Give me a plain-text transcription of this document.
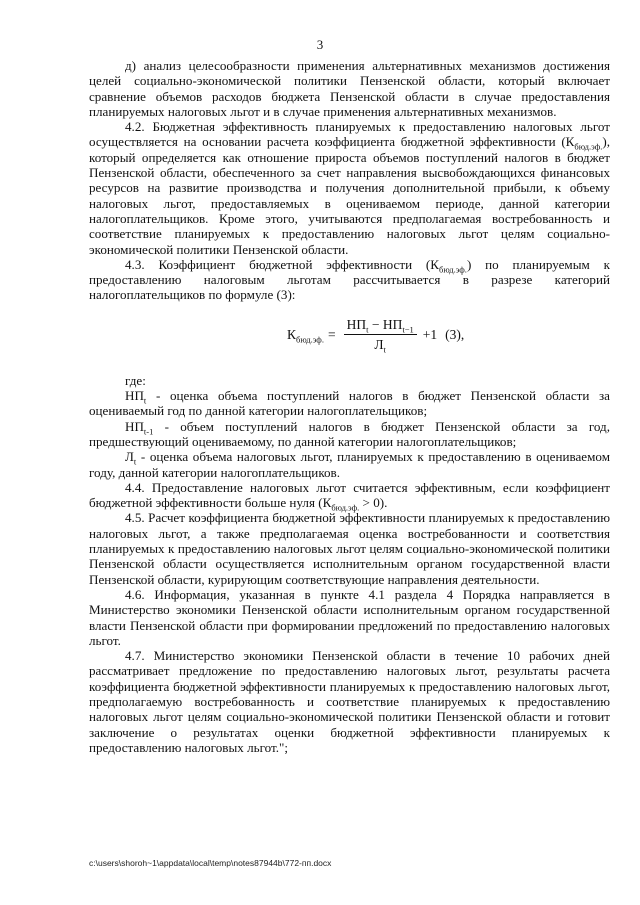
3

д) анализ целесообразности применения альтернативных механизмов достижения целей социально-экономической политики Пензенской области, который включает сравнение объемов расходов бюджета Пензенской области в случае предоставления планируемых налоговых льгот и в случае применения альтернативных механизмов.

4.2. Бюджетная эффективность планируемых к предоставлению налоговых льгот осуществляется на основании расчета коэффициента бюджетной эффективности $(К_{бюд.эф.})$, который определяется как отношение прироста объемов поступлений налогов в бюджет Пензенской области, обеспеченного за счет направления высвобождающихся финансовых ресурсов на развитие производства и получения дополнительной прибыли, к объему налоговых льгот, предоставляемых в оцениваемом периоде, данной категории налогоплательщиков. Кроме этого, учитываются предполагаемая востребованность и соответствие планируемых к предоставлению налоговых льгот целям социально-экономической политики Пензенской области.

4.3. Коэффициент бюджетной эффективности $(К_{бюд.эф.})$ по планируемым к предоставлению налоговым льготам рассчитывается в разрезе категорий налогоплательщиков по формуле (3):

$К_{бюд.эф.} = \frac{НП_t - НП_{t-1}}{Л_t} +1$ (3),

где:

$НП_t$ - оценка объема поступлений налогов в бюджет Пензенской области за оцениваемый год по данной категории налогоплательщиков;

$НП_{t-1}$ - объем поступлений налогов в бюджет Пензенской области за год, предшествующий оцениваемому, по данной категории налогоплательщиков;

$Л_t$ - оценка объема налоговых льгот, планируемых к предоставлению в оцениваемом году, данной категории налогоплательщиков.

4.4. Предоставление налоговых льгот считается эффективным, если коэффициент бюджетной эффективности больше нуля $(К_{бюд.эф.} > 0)$.

4.5. Расчет коэффициента бюджетной эффективности планируемых к предоставлению налоговых льгот, а также предполагаемая оценка востребованности и соответствия планируемых к предоставлению налоговых льгот целям социально-экономической политики Пензенской области осуществляется исполнительным органом государственной власти Пензенской области, курирующим соответствующие направления деятельности.

4.6. Информация, указанная в пункте 4.1 раздела 4 Порядка направляется в Министерство экономики Пензенской области исполнительным органом государственной власти Пензенской области при формировании предложений по предоставлению налоговых льгот.

4.7. Министерство экономики Пензенской области в течение 10 рабочих дней рассматривает предложение по предоставлению налоговых льгот, результаты расчета коэффициента бюджетной эффективности планируемых к предоставлению налоговых льгот, предполагаемую востребованность и соответствие планируемых к предоставлению налоговых льгот целям социально-экономической политики Пензенской области и готовит заключение о результатах оценки бюджетной эффективности планируемых к предоставлению налоговых льгот.";

c:\users\shoroh~1\appdata\local\temp\notes87944b\772-пп.docx
